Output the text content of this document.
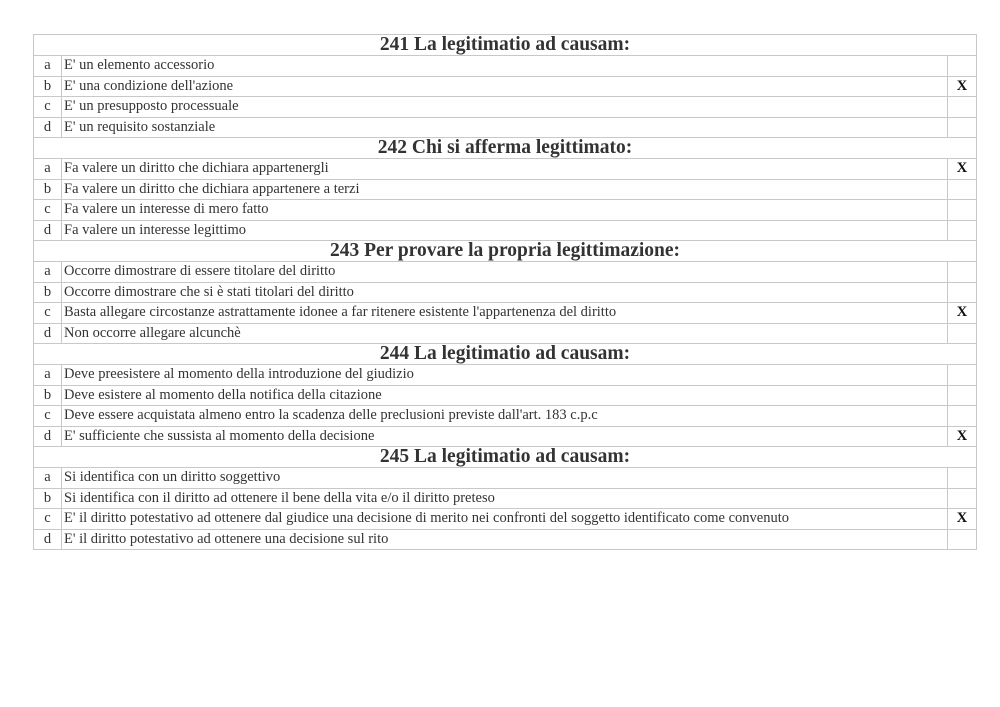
241 La legitimatio ad causam:		
a	E' un elemento accessorio	
b	E' una condizione dell'azione	X
c	E' un presupposto processuale	
d	E' un requisito sostanziale	
242 Chi si afferma legittimato:		
a	Fa valere un diritto che dichiara appartenergli	X
b	Fa valere un diritto che dichiara appartenere a terzi	
c	Fa valere un interesse di mero fatto	
d	Fa valere un interesse legittimo	
243 Per provare la propria legittimazione:		
a	Occorre dimostrare di essere titolare del diritto	
b	Occorre dimostrare che si è stati titolari del diritto	
c	Basta allegare circostanze astrattamente idonee a far ritenere esistente l'appartenenza del diritto	X
d	Non occorre allegare alcunchè	
244 La legitimatio ad causam:		
a	Deve preesistere al momento della introduzione del giudizio	
b	Deve esistere al momento della notifica della citazione	
c	Deve essere acquistata almeno entro la scadenza delle preclusioni previste dall'art. 183 c.p.c	
d	E' sufficiente che sussista al momento della decisione	X
245 La legitimatio ad causam:		
a	Si identifica con un diritto soggettivo	
b	Si identifica con il diritto ad ottenere il bene della vita e/o il diritto preteso	
c	E' il diritto potestativo ad ottenere dal giudice una decisione di merito nei confronti del soggetto identificato come convenuto	X
d	E' il diritto potestativo ad ottenere una decisione sul rito	
